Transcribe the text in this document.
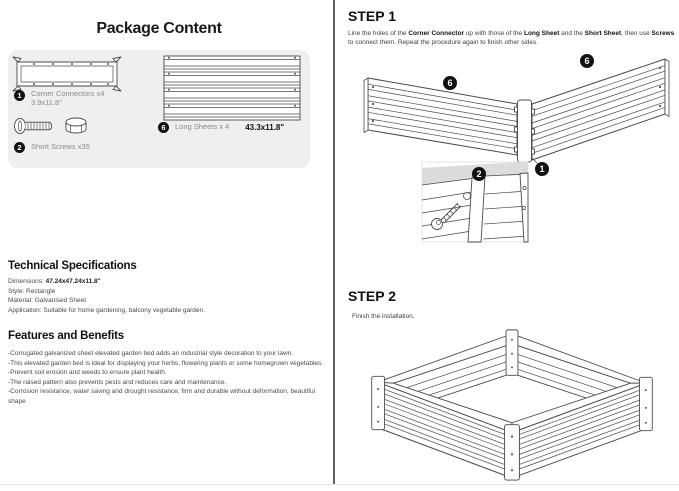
Package Content
1	Corner Connectors x4
3.9x11.8"
2	Short Screws x35
6	Long Sheets x 4 43.3x11.8"
Technical Specifications
Dimensions: 47.24x47.24x11.8"
Style: Rectangle
Material: Galvanised Sheet
Application: Suitable for home gardening, balcony vegetable garden.
Features and Benefits
-Corrugated galvanized sheet elevated garden bed adds an industrial style decoration to your lawn.
-This elevated garden bed is ideal for displaying your herbs, flowering plants or some homegrown vegetables.
-Prevent soil erosion and weeds to ensure plant health.
-The raised pattern also prevents pests and reduces care and maintenance.
-Corrosion resistance, water saving and drought resistance, firm and durable without deformation, beautiful shape
STEP 1
Line the holes of the Corner Connector up with those of the Long Sheet and the Short Sheet, then use Screws to connect them. Repeat the procedure again to finish other sides.
6
6
1
2
STEP 2
Finish the installation.
